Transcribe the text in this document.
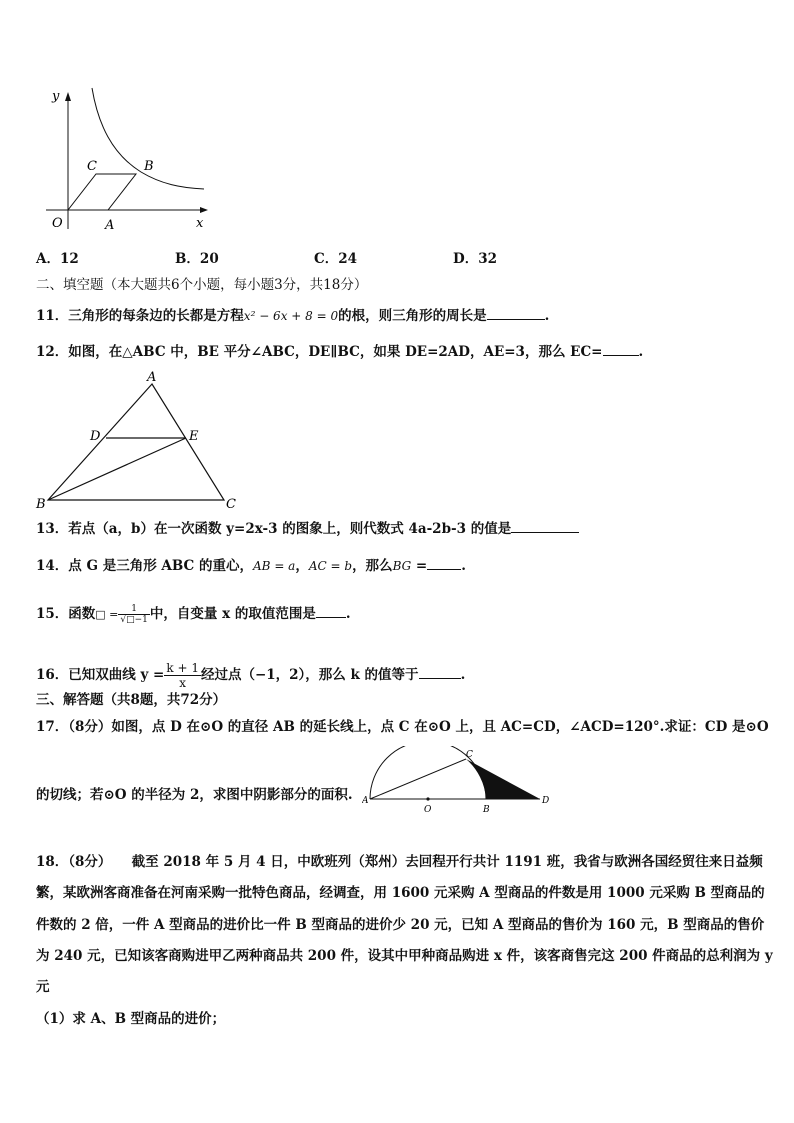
y
x
O	A
B
C
A．12	B．20	C．24	D．32
二、填空题（本大题共6个小题，每小题3分，共18分）
11．三角形的每条边的长都是方程x² − 6x + 8 = 0的根，则三角形的周长是	.
12．如图，在△ABC 中，BE 平分∠ABC，DE∥BC，如果 DE=2AD，AE=3，那么 EC=	.
A
B	C
D	E
13．若点（a，b）在一次函数 y=2x-3 的图象上，则代数式 4a-2b-3 的值是
14．点 G 是三角形 ABC 的重心，AB = a，AC = b，那么BG =	.
15．函数□ = $\frac{1}{√□-1}$ 中，自变量 x 的取值范围是 .
16．已知双曲线 $y = \frac{k + 1}{x}$ 经过点（−1，2），那么 k 的值等于	.
三、解答题（共8题，共72分）
17．（8分）如图，点 D 在⊙O 的直径 AB 的延长线上，点 C 在⊙O 上，且 AC=CD，∠ACD=120°.求证：CD 是⊙O
的切线；若⊙O 的半径为 2，求图中阴影部分的面积. A
O	B
C
D
18．（8分）　　截至 2018 年 5 月 4 日，中欧班列（郑州）去回程开行共计 1191 班，我省与欧洲各国经贸往来日益频
繁，某欧洲客商准备在河南采购一批特色商品，经调查，用 1600 元采购 A 型商品的件数是用 1000 元采购 B 型商品的
件数的 2 倍，一件 A 型商品的进价比一件 B 型商品的进价少 20 元，已知 A 型商品的售价为 160 元，B 型商品的售价
为 240 元，已知该客商购进甲乙两种商品共 200 件，设其中甲种商品购进 x 件，该客商售完这 200 件商品的总利润为 y
元
（1）求 A、B 型商品的进价；
